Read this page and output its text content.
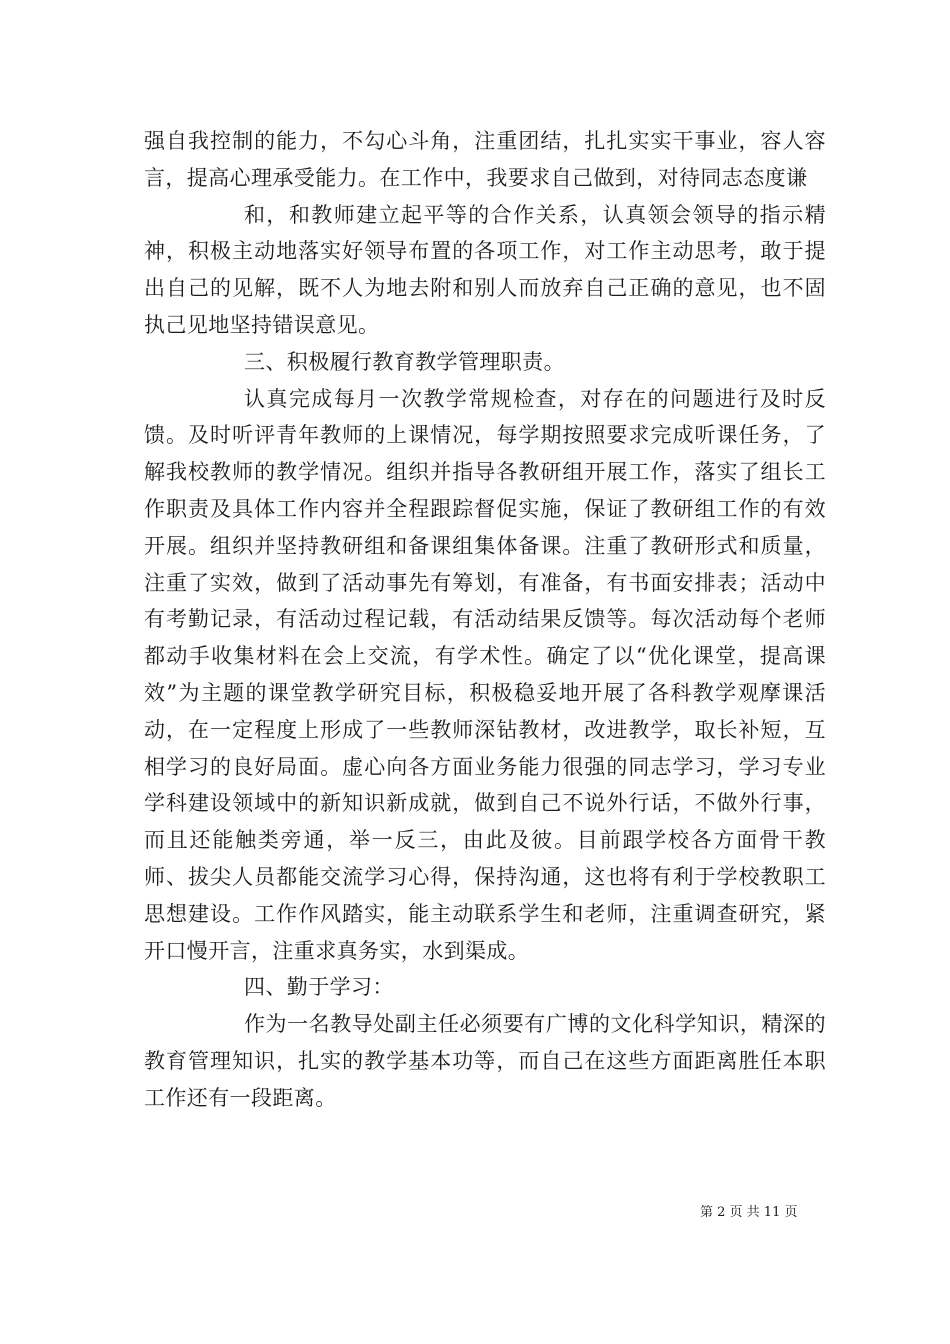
强自我控制的能力，不勾心斗角，注重团结，扎扎实实干事业，容人容言，提高心理承受能力。在工作中，我要求自己做到，对待同志态度谦

和，和教师建立起平等的合作关系，认真领会领导的指示精神，积极主动地落实好领导布置的各项工作，对工作主动思考，敢于提出自己的见解，既不人为地去附和别人而放弃自己正确的意见，也不固执己见地坚持错误意见。

三、积极履行教育教学管理职责。

认真完成每月一次教学常规检查，对存在的问题进行及时反馈。及时听评青年教师的上课情况，每学期按照要求完成听课任务，了解我校教师的教学情况。组织并指导各教研组开展工作，落实了组长工作职责及具体工作内容并全程跟踪督促实施，保证了教研组工作的有效开展。组织并坚持教研组和备课组集体备课。注重了教研形式和质量，注重了实效，做到了活动事先有筹划，有准备，有书面安排表；活动中有考勤记录，有活动过程记载，有活动结果反馈等。每次活动每个老师都动手收集材料在会上交流，有学术性。确定了以“优化课堂，提高课效”为主题的课堂教学研究目标，积极稳妥地开展了各科教学观摩课活动，在一定程度上形成了一些教师深钻教材，改进教学，取长补短，互相学习的良好局面。虚心向各方面业务能力很强的同志学习，学习专业学科建设领域中的新知识新成就，做到自己不说外行话，不做外行事，而且还能触类旁通，举一反三，由此及彼。目前跟学校各方面骨干教师、拔尖人员都能交流学习心得，保持沟通，这也将有利于学校教职工思想建设。工作作风踏实，能主动联系学生和老师，注重调查研究，紧开口慢开言，注重求真务实，水到渠成。

四、勤于学习：

作为一名教导处副主任必须要有广博的文化科学知识，精深的教育管理知识，扎实的教学基本功等，而自己在这些方面距离胜任本职工作还有一段距离。

第 2 页 共 11 页
